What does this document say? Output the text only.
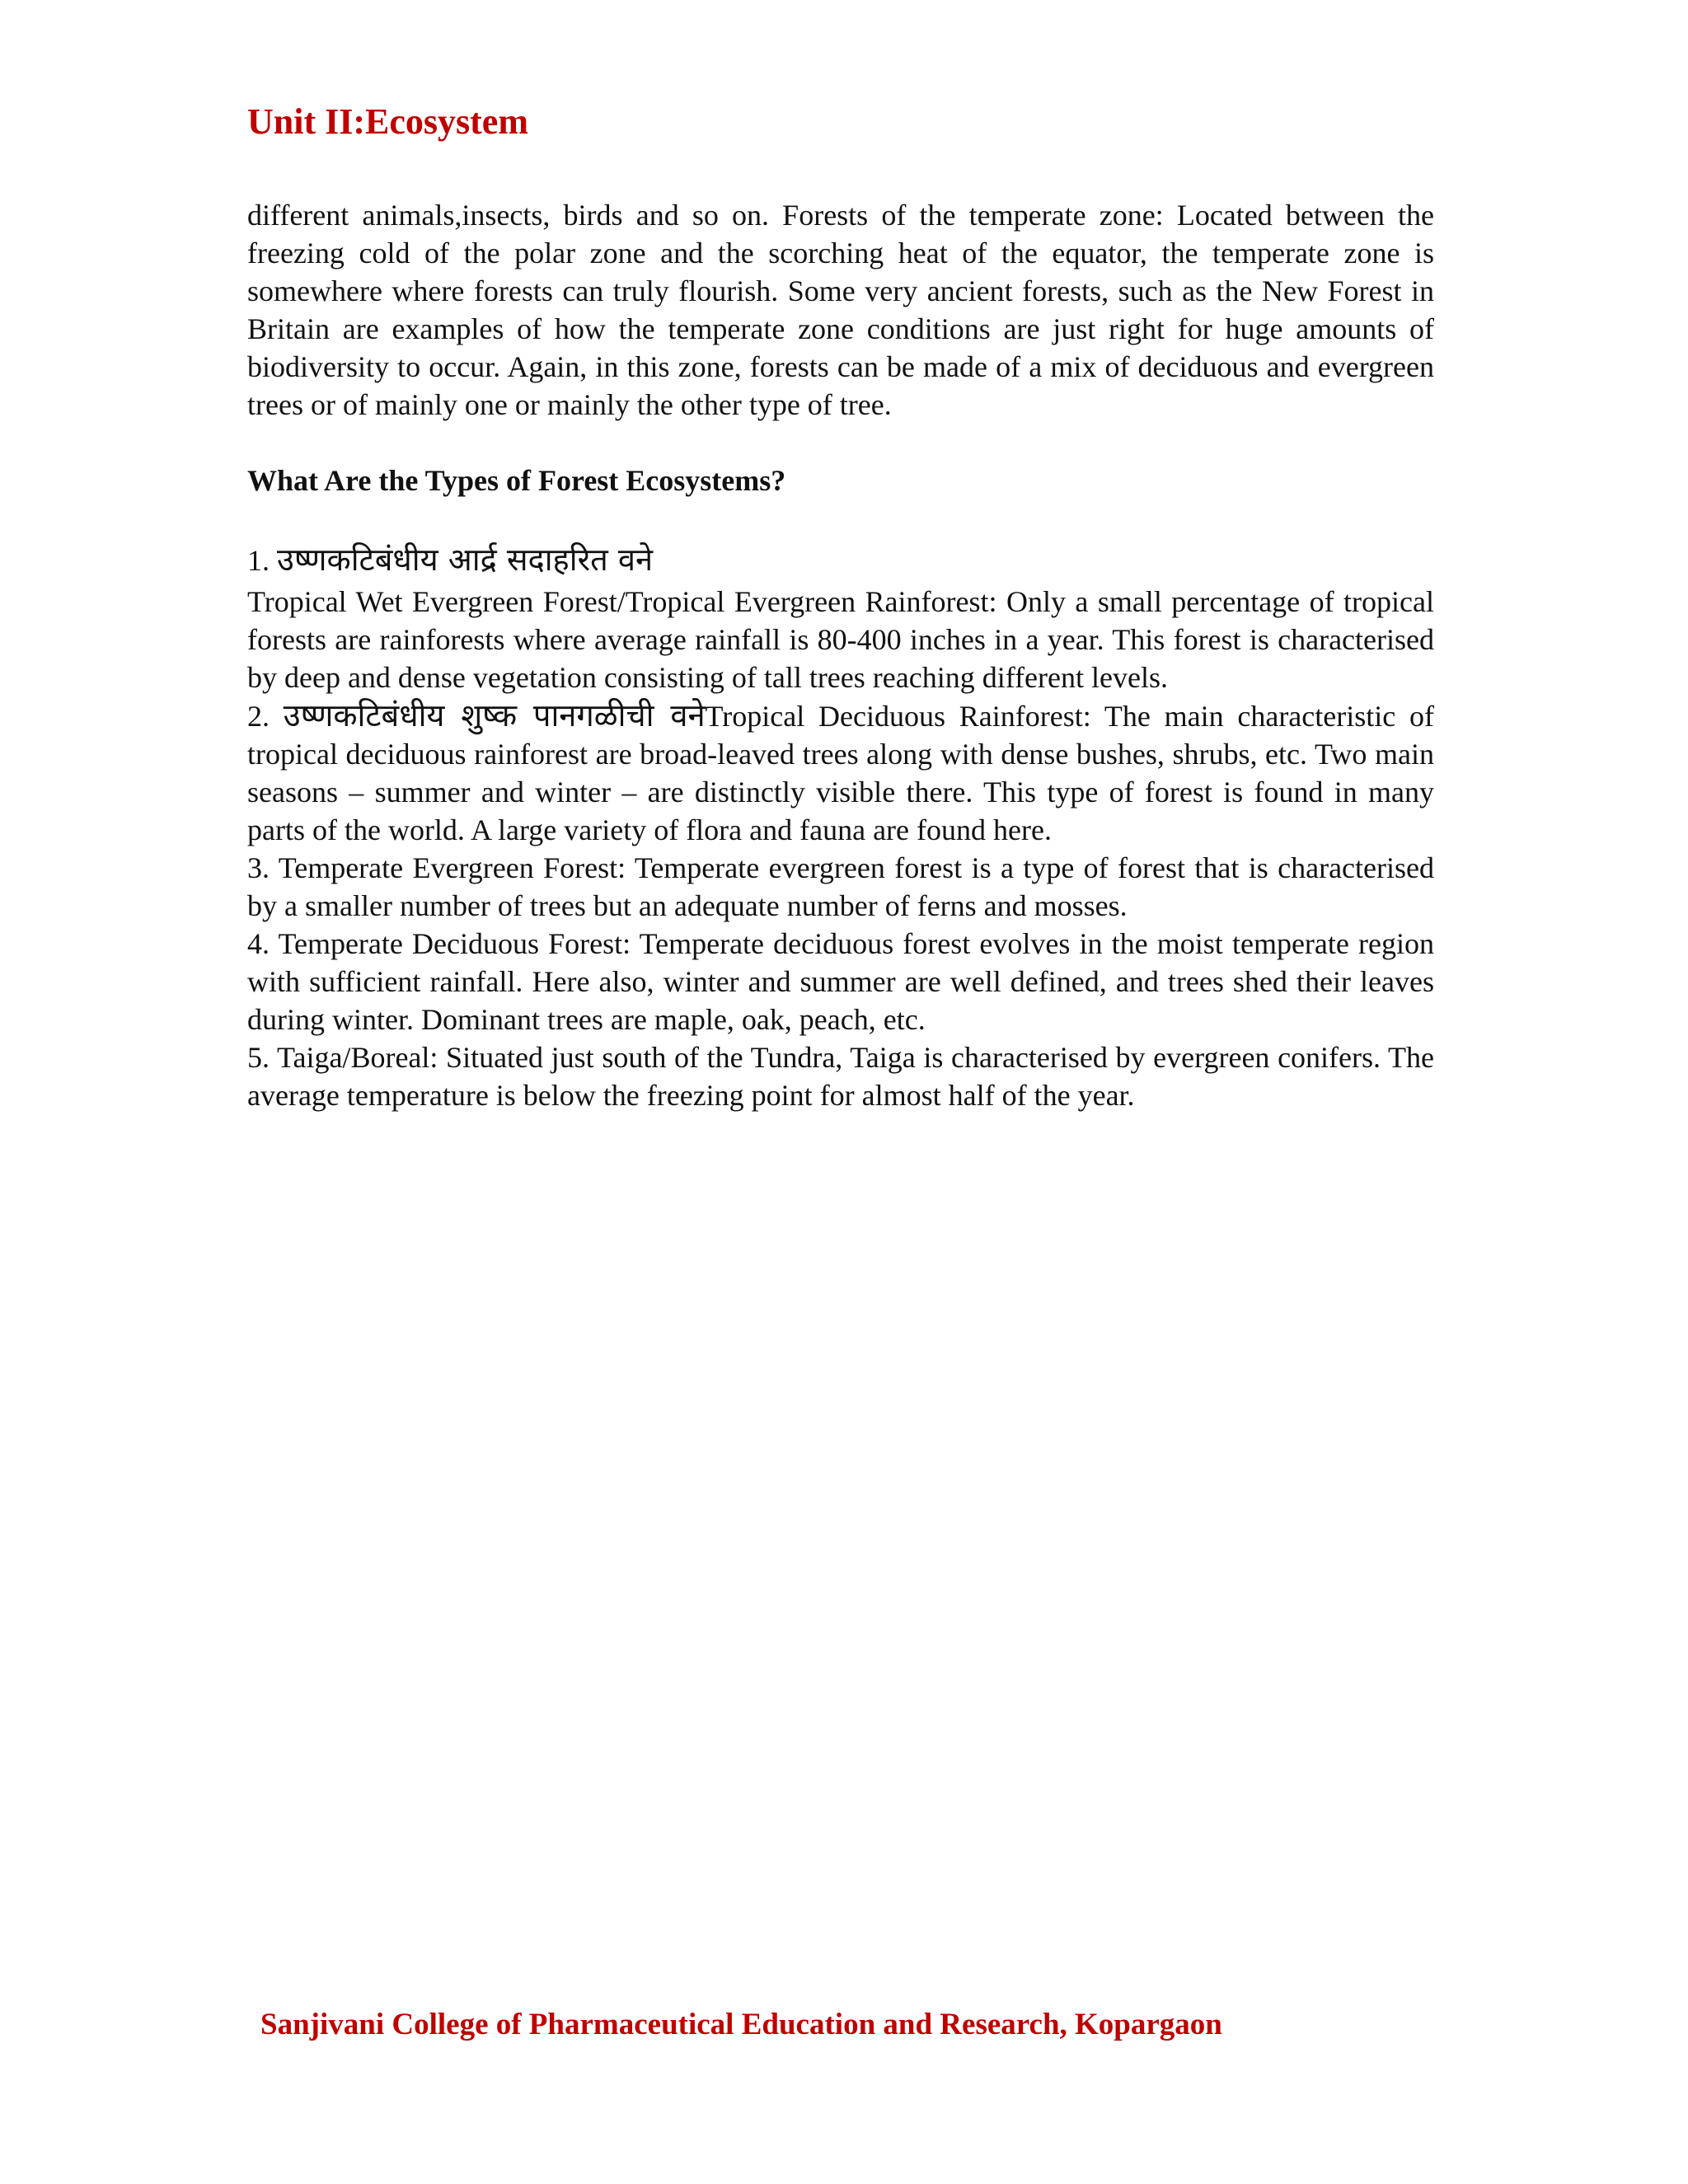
Unit II:Ecosystem

different animals,insects, birds and so on. Forests of the temperate zone: Located between the freezing cold of the polar zone and the scorching heat of the equator, the temperate zone is somewhere where forests can truly flourish. Some very ancient forests, such as the New Forest in Britain are examples of how the temperate zone conditions are just right for huge amounts of biodiversity to occur. Again, in this zone, forests can be made of a mix of deciduous and evergreen trees or of mainly one or mainly the other type of tree.

What Are the Types of Forest Ecosystems?

1. उष्णकटिबंधीय आर्द्र सदाहरित वने

Tropical Wet Evergreen Forest/Tropical Evergreen Rainforest: Only a small percentage of tropical forests are rainforests where average rainfall is 80-400 inches in a year. This forest is characterised by deep and dense vegetation consisting of tall trees reaching different levels.

2. उष्णकटिबंधीय शुष्क पानगळीची वनेTropical Deciduous Rainforest: The main characteristic of tropical deciduous rainforest are broad-leaved trees along with dense bushes, shrubs, etc. Two main seasons – summer and winter – are distinctly visible there. This type of forest is found in many parts of the world. A large variety of flora and fauna are found here.

3. Temperate Evergreen Forest: Temperate evergreen forest is a type of forest that is characterised by a smaller number of trees but an adequate number of ferns and mosses.

4. Temperate Deciduous Forest: Temperate deciduous forest evolves in the moist temperate region with sufficient rainfall. Here also, winter and summer are well defined, and trees shed their leaves during winter. Dominant trees are maple, oak, peach, etc.

5. Taiga/Boreal: Situated just south of the Tundra, Taiga is characterised by evergreen conifers. The average temperature is below the freezing point for almost half of the year.

Sanjivani College of Pharmaceutical Education and Research, Kopargaon
